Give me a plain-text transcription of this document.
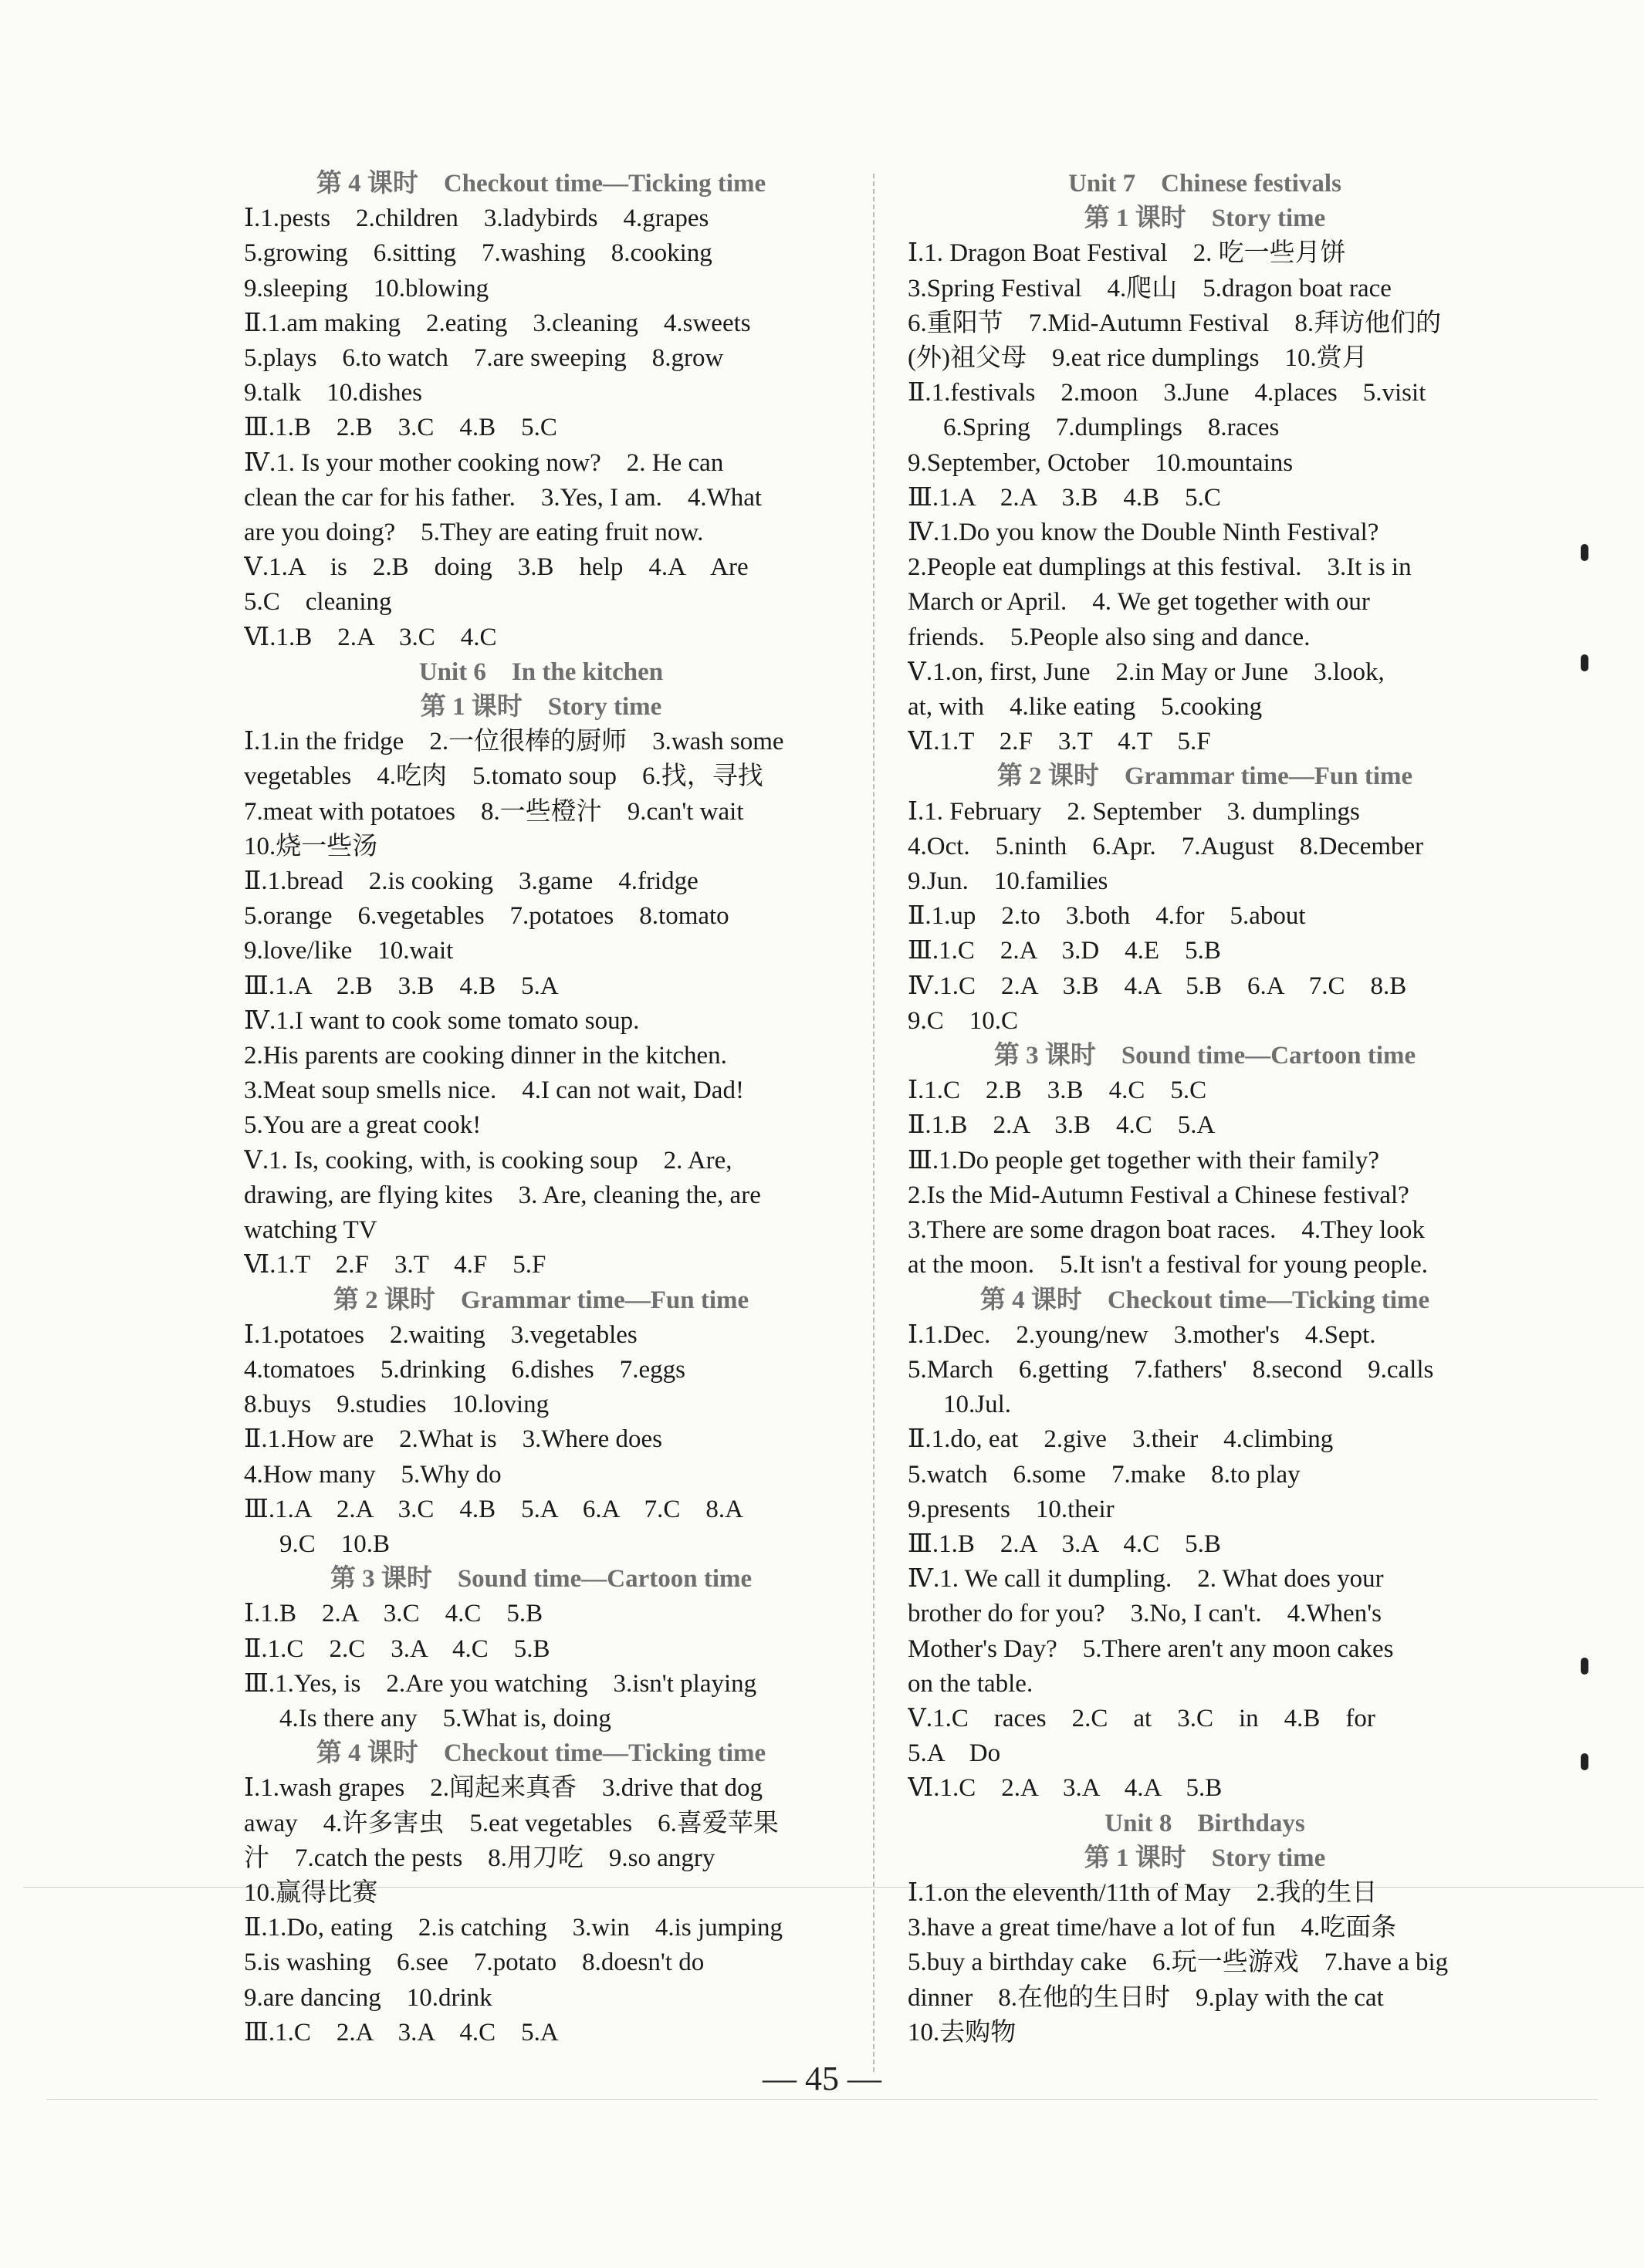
第 4 课时　Checkout time—Ticking time
Ⅰ.1.pests　2.children　3.ladybirds　4.grapes
5.growing　6.sitting　7.washing　8.cooking
9.sleeping　10.blowing
Ⅱ.1.am making　2.eating　3.cleaning　4.sweets
5.plays　6.to watch　7.are sweeping　8.grow
9.talk　10.dishes
Ⅲ.1.B　2.B　3.C　4.B　5.C
Ⅳ.1. Is your mother cooking now?　2. He can
clean the car for his father.　3.Yes, I am.　4.What
are you doing?　5.They are eating fruit now.
Ⅴ.1.A　is　2.B　doing　3.B　help　4.A　Are
5.C　cleaning
Ⅵ.1.B　2.A　3.C　4.C
Unit 6　In the kitchen
第 1 课时　Story time
Ⅰ.1.in the fridge　2.一位很棒的厨师　3.wash some
vegetables　4.吃肉　5.tomato soup　6.找，寻找
7.meat with potatoes　8.一些橙汁　9.can't wait
10.烧一些汤
Ⅱ.1.bread　2.is cooking　3.game　4.fridge
5.orange　6.vegetables　7.potatoes　8.tomato
9.love/like　10.wait
Ⅲ.1.A　2.B　3.B　4.B　5.A
Ⅳ.1.I want to cook some tomato soup.
2.His parents are cooking dinner in the kitchen.
3.Meat soup smells nice.　4.I can not wait, Dad!
5.You are a great cook!
Ⅴ.1. Is, cooking, with, is cooking soup　2. Are,
drawing, are flying kites　3. Are, cleaning the, are
watching TV
Ⅵ.1.T　2.F　3.T　4.F　5.F
第 2 课时　Grammar time—Fun time
Ⅰ.1.potatoes　2.waiting　3.vegetables
4.tomatoes　5.drinking　6.dishes　7.eggs
8.buys　9.studies　10.loving
Ⅱ.1.How are　2.What is　3.Where does
4.How many　5.Why do
Ⅲ.1.A　2.A　3.C　4.B　5.A　6.A　7.C　8.A
9.C　10.B
第 3 课时　Sound time—Cartoon time
Ⅰ.1.B　2.A　3.C　4.C　5.B
Ⅱ.1.C　2.C　3.A　4.C　5.B
Ⅲ.1.Yes, is　2.Are you watching　3.isn't playing
4.Is there any　5.What is, doing
第 4 课时　Checkout time—Ticking time
Ⅰ.1.wash grapes　2.闻起来真香　3.drive that dog
away　4.许多害虫　5.eat vegetables　6.喜爱苹果
汁　7.catch the pests　8.用刀吃　9.so angry
10.赢得比赛
Ⅱ.1.Do, eating　2.is catching　3.win　4.is jumping
5.is washing　6.see　7.potato　8.doesn't do
9.are dancing　10.drink
Ⅲ.1.C　2.A　3.A　4.C　5.A
Unit 7　Chinese festivals
第 1 课时　Story time
Ⅰ.1. Dragon Boat Festival　2. 吃一些月饼
3.Spring Festival　4.爬山　5.dragon boat race
6.重阳节　7.Mid-Autumn Festival　8.拜访他们的
(外)祖父母　9.eat rice dumplings　10.赏月
Ⅱ.1.festivals　2.moon　3.June　4.places　5.visit
6.Spring　7.dumplings　8.races
9.September, October　10.mountains
Ⅲ.1.A　2.A　3.B　4.B　5.C
Ⅳ.1.Do you know the Double Ninth Festival?
2.People eat dumplings at this festival.　3.It is in
March or April.　4. We get together with our
friends.　5.People also sing and dance.
Ⅴ.1.on, first, June　2.in May or June　3.look,
at, with　4.like eating　5.cooking
Ⅵ.1.T　2.F　3.T　4.T　5.F
第 2 课时　Grammar time—Fun time
Ⅰ.1. February　2. September　3. dumplings
4.Oct.　5.ninth　6.Apr.　7.August　8.December
9.Jun.　10.families
Ⅱ.1.up　2.to　3.both　4.for　5.about
Ⅲ.1.C　2.A　3.D　4.E　5.B
Ⅳ.1.C　2.A　3.B　4.A　5.B　6.A　7.C　8.B
9.C　10.C
第 3 课时　Sound time—Cartoon time
Ⅰ.1.C　2.B　3.B　4.C　5.C
Ⅱ.1.B　2.A　3.B　4.C　5.A
Ⅲ.1.Do people get together with their family?
2.Is the Mid-Autumn Festival a Chinese festival?
3.There are some dragon boat races.　4.They look
at the moon.　5.It isn't a festival for young people.
第 4 课时　Checkout time—Ticking time
Ⅰ.1.Dec.　2.young/new　3.mother's　4.Sept.
5.March　6.getting　7.fathers'　8.second　9.calls
10.Jul.
Ⅱ.1.do, eat　2.give　3.their　4.climbing
5.watch　6.some　7.make　8.to play
9.presents　10.their
Ⅲ.1.B　2.A　3.A　4.C　5.B
Ⅳ.1. We call it dumpling.　2. What does your
brother do for you?　3.No, I can't.　4.When's
Mother's Day?　5.There aren't any moon cakes
on the table.
Ⅴ.1.C　races　2.C　at　3.C　in　4.B　for
5.A　Do
Ⅵ.1.C　2.A　3.A　4.A　5.B
Unit 8　Birthdays
第 1 课时　Story time
Ⅰ.1.on the eleventh/11th of May　2.我的生日
3.have a great time/have a lot of fun　4.吃面条
5.buy a birthday cake　6.玩一些游戏　7.have a big
dinner　8.在他的生日时　9.play with the cat
10.去购物
— 45 —
